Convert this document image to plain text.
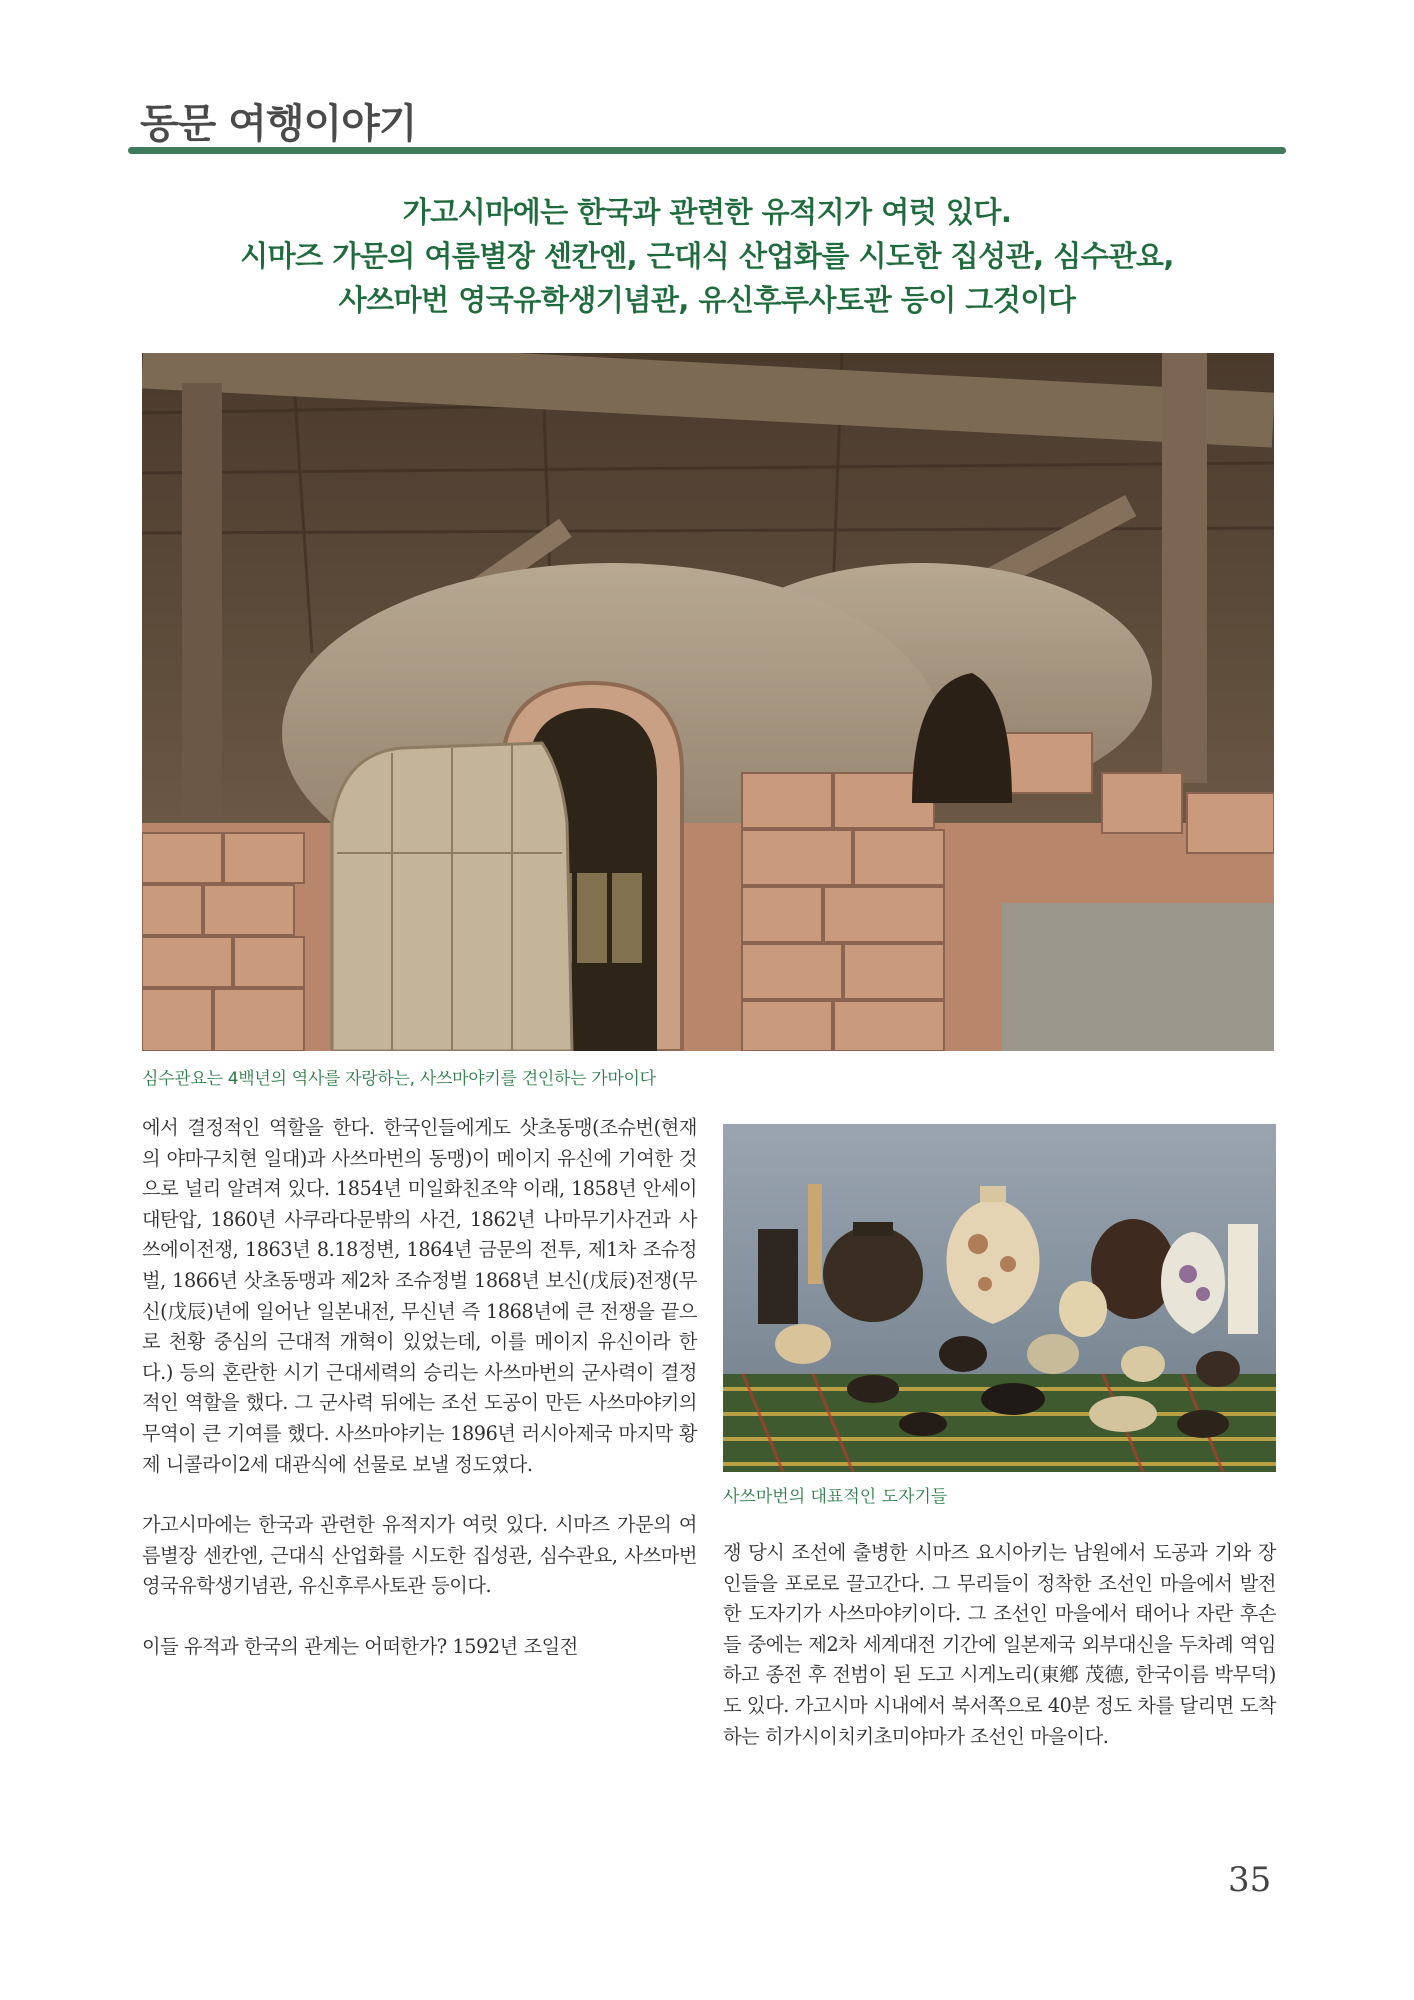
동문 여행이야기
가고시마에는 한국과 관련한 유적지가 여럿 있다.
시마즈 가문의 여름별장 센칸엔, 근대식 산업화를 시도한 집성관, 심수관요,
사쓰마번 영국유학생기념관, 유신후루사토관 등이 그것이다
심수관요는 4백년의 역사를 자랑하는, 사쓰마야키를 견인하는 가마이다

에서 결정적인 역할을 한다. 한국인들에게도 삿초동맹(조슈번(현재의 야마구치현 일대)과 사쓰마번의 동맹)이 메이지 유신에 기여한 것으로 널리 알려져 있다. 1854년 미일화친조약 이래, 1858년 안세이 대탄압, 1860년 사쿠라다문밖의 사건, 1862년 나마무기사건과 사쓰에이전쟁, 1863년 8.18정변, 1864년 금문의 전투, 제1차 조슈정벌, 1866년 삿초동맹과 제2차 조슈정벌 1868년 보신(戊辰)전쟁(무신(戊辰)년에 일어난 일본내전, 무신년 즉 1868년에 큰 전쟁을 끝으로 천황 중심의 근대적 개혁이 있었는데, 이를 메이지 유신이라 한다.) 등의 혼란한 시기 근대세력의 승리는 사쓰마번의 군사력이 결정적인 역할을 했다. 그 군사력 뒤에는 조선 도공이 만든 사쓰마야키의 무역이 큰 기여를 했다. 사쓰마야키는 1896년 러시아제국 마지막 황제 니콜라이2세 대관식에 선물로 보낼 정도였다.

가고시마에는 한국과 관련한 유적지가 여럿 있다. 시마즈 가문의 여름별장 센칸엔, 근대식 산업화를 시도한 집성관, 심수관요, 사쓰마번 영국유학생기념관, 유신후루사토관 등이다.

이들 유적과 한국의 관계는 어떠한가? 1592년 조일전

사쓰마번의 대표적인 도자기들
쟁 당시 조선에 출병한 시마즈 요시아키는 남원에서 도공과 기와 장인들을 포로로 끌고간다. 그 무리들이 정착한 조선인 마을에서 발전한 도자기가 사쓰마야키이다. 그 조선인 마을에서 태어나 자란 후손들 중에는 제2차 세계대전 기간에 일본제국 외부대신을 두차례 역임하고 종전 후 전범이 된 도고 시게노리(東鄕 茂德, 한국이름 박무덕)도 있다. 가고시마 시내에서 북서쪽으로 40분 정도 차를 달리면 도착하는 히가시이치키초미야마가 조선인 마을이다.
35
